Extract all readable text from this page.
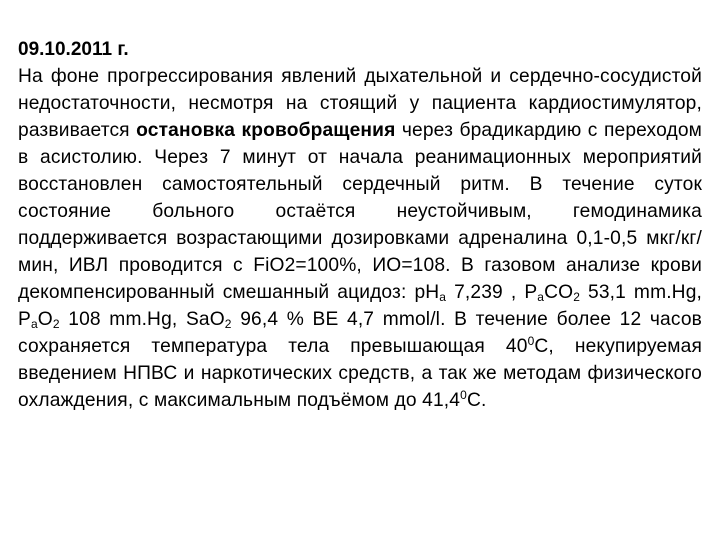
09.10.2011 г.

На фоне прогрессирования явлений дыхательной и сердечно-сосудистой недостаточности, несмотря на стоящий у пациента кардиостимулятор, развивается остановка кровобращения через брадикардию с переходом в асистолию. Через 7 минут от начала реанимационных мероприятий восстановлен самостоятельный сердечный ритм. В течение суток состояние больного остаётся неустойчивым, гемодинамика поддерживается возрастающими дозировками адреналина 0,1-0,5 мкг/кг/мин, ИВЛ проводится с FiO2=100%, ИО=108. В газовом анализе крови декомпенсированный смешанный ацидоз: $pH_a$ 7,239 , $P_aCO_2$ 53,1 mm.Hg, $P_aO_2$ 108 mm.Hg, SaO$_2$ 96,4 % BE 4,7 mmol/l. В течение более 12 часов сохраняется температура тела превышающая $40^0С$, некупируемая введением НПВС и наркотических средств, а так же методам физического охлаждения, с максимальным подъёмом до 41,4$^0$С.
